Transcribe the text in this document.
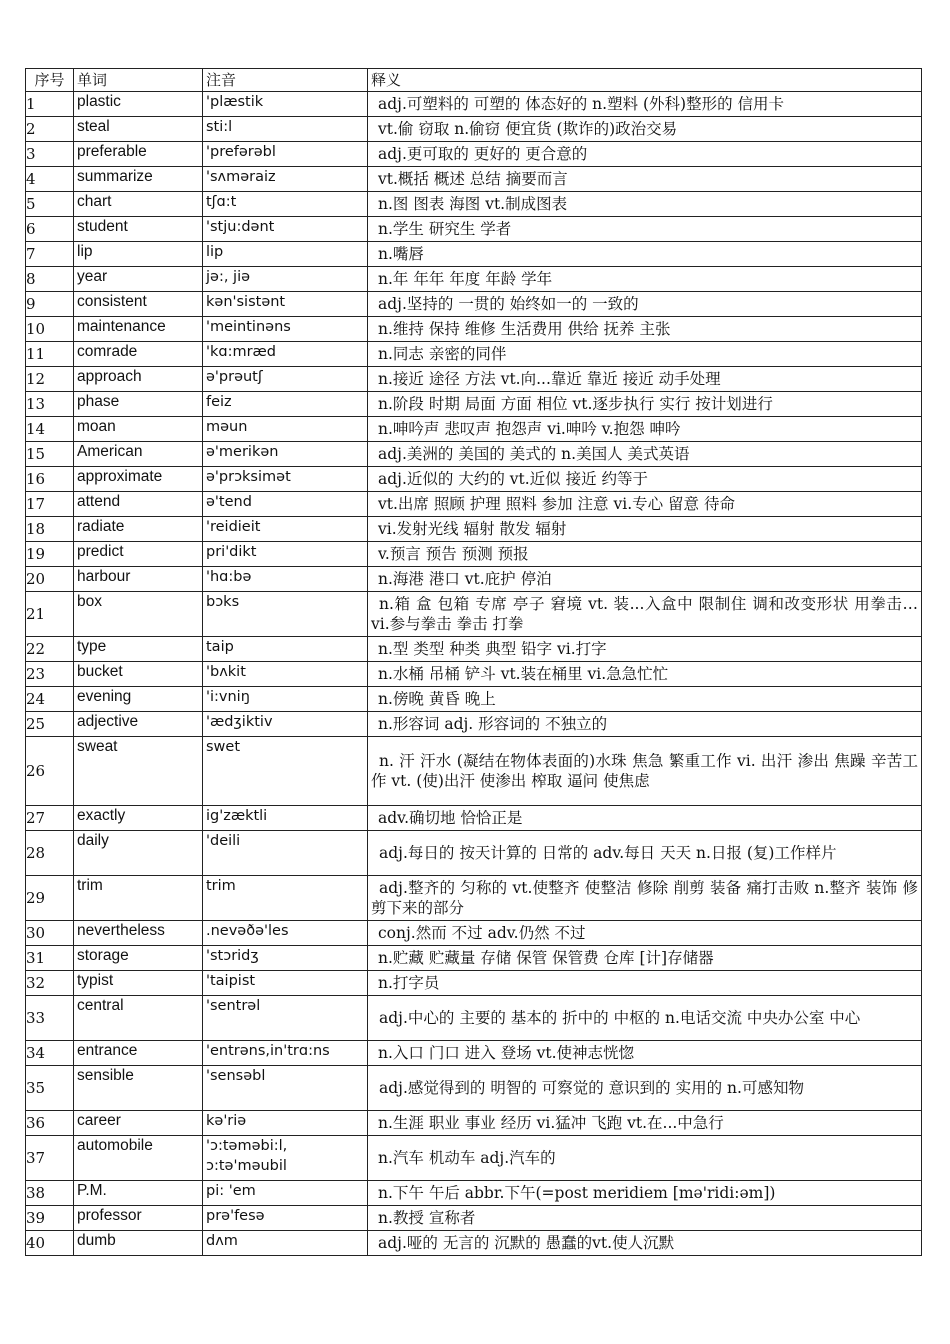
序号	单词	注音	释义
1	plastic	'plæstik	adj.可塑料的 可塑的 体态好的 n.塑料 (外科)整形的 信用卡
2	steal	sti:l	vt.偷 窃取 n.偷窃 便宜货 (欺诈的)政治交易
3	preferable	'prefərəbl	adj.更可取的 更好的 更合意的
4	summarize	'sʌməraiz	vt.概括 概述 总结 摘要而言
5	chart	tʃɑ:t	n.图 图表 海图 vt.制成图表
6	student	'stju:dənt	n.学生 研究生 学者
7	lip	lip	n.嘴唇
8	year	jə:, jiə	n.年 年年 年度 年龄 学年
9	consistent	kən'sistənt	adj.坚持的 一贯的 始终如一的 一致的
10	maintenance	'meintinəns	n.维持 保持 维修 生活费用 供给 抚养 主张
11	comrade	'kɑ:mræd	n.同志 亲密的同伴
12	approach	ə'prəutʃ	n.接近 途径 方法 vt.向...靠近 靠近 接近 动手处理
13	phase	feiz	n.阶段 时期 局面 方面 相位 vt.逐步执行 实行 按计划进行
14	moan	məun	n.呻吟声 悲叹声 抱怨声 vi.呻吟 v.抱怨 呻吟
15	American	ə'merikən	adj.美洲的 美国的 美式的 n.美国人 美式英语
16	approximate	ə'prɔksimət	adj.近似的 大约的 vt.近似 接近 约等于
17	attend	ə'tend	vt.出席 照顾 护理 照料 参加 注意 vi.专心 留意 待命
18	radiate	'reidieit	vi.发射光线 辐射 散发 辐射
19	predict	pri'dikt	v.预言 预告 预测 预报
20	harbour	'hɑ:bə	n.海港 港口 vt.庇护 停泊
21	box	bɔks	n.箱 盒 包箱 专席 亭子 窘境 vt. 装...入盒中 限制住 调和改变形状 用拳击… vi.参与拳击 拳击 打拳
22	type	taip	n.型 类型 种类 典型 铅字 vi.打字
23	bucket	'bʌkit	n.水桶 吊桶 铲斗 vt.装在桶里 vi.急急忙忙
24	evening	'i:vniŋ	n.傍晚 黄昏 晚上
25	adjective	'ædʒiktiv	n.形容词 adj. 形容词的 不独立的
26	sweat	swet	n. 汗 汗水 (凝结在物体表面的)水珠 焦急 繁重工作 vi. 出汗 渗出 焦躁 辛苦工作 vt. (使)出汗 使渗出 榨取 逼问 使焦虑
27	exactly	ig'zæktli	adv.确切地 恰恰正是
28	daily	'deili	adj.每日的 按天计算的 日常的 adv.每日 天天 n.日报 (复)工作样片
29	trim	trim	adj.整齐的 匀称的 vt.使整齐 使整洁 修除 削剪 装备 痛打击败 n.整齐 装饰 修剪下来的部分
30	nevertheless	.nevəðə'les	conj.然而 不过 adv.仍然 不过
31	storage	'stɔridʒ	n.贮藏 贮藏量 存储 保管 保管费 仓库 [计]存储器
32	typist	'taipist	n.打字员
33	central	'sentrəl	adj.中心的 主要的 基本的 折中的 中枢的 n.电话交流 中央办公室 中心
34	entrance	'entrəns,in'trɑ:ns	n.入口 门口 进入 登场 vt.使神志恍惚
35	sensible	'sensəbl	adj.感觉得到的 明智的 可察觉的 意识到的 实用的 n.可感知物
36	career	kə'riə	n.生涯 职业 事业 经历 vi.猛冲 飞跑 vt.在...中急行
37	automobile	'ɔ:təməbi:l, ɔ:tə'məubil	n.汽车 机动车 adj.汽车的
38	P.M.	pi: 'em	n.下午 午后 abbr.下午(=post meridiem [mə'ridi:əm])
39	professor	prə'fesə	n.教授 宣称者
40	dumb	dʌm	adj.哑的 无言的 沉默的 愚蠢的vt.使人沉默
